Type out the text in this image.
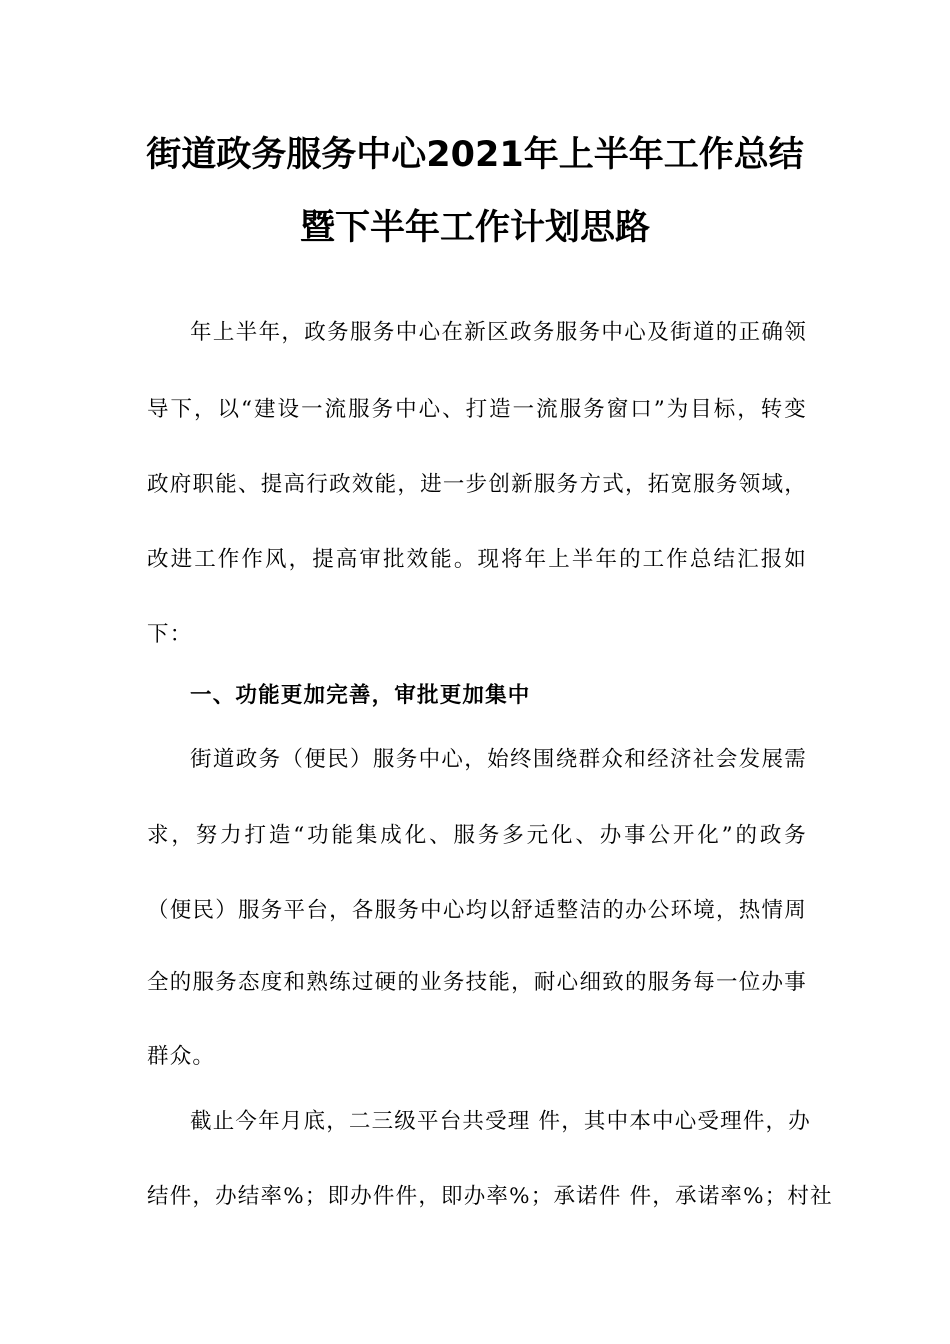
街道政务服务中心2021年上半年工作总结
暨下半年工作计划思路
年上半年，政务服务中心在新区政务服务中心及街道的正确领
导下，以“建设一流服务中心、打造一流服务窗口”为目标，转变
政府职能、提高行政效能，进一步创新服务方式，拓宽服务领域，
改进工作作风，提高审批效能。现将年上半年的工作总结汇报如
下：
一、功能更加完善，审批更加集中
街道政务（便民）服务中心，始终围绕群众和经济社会发展需
求，努力打造“功能集成化、服务多元化、办事公开化”的政务
（便民）服务平台，各服务中心均以舒适整洁的办公环境，热情周
全的服务态度和熟练过硬的业务技能，耐心细致的服务每一位办事
群众。
截止今年月底，二三级平台共受理 件，其中本中心受理件，办
结件，办结率%；即办件件，即办率%；承诺件 件，承诺率%；村社
